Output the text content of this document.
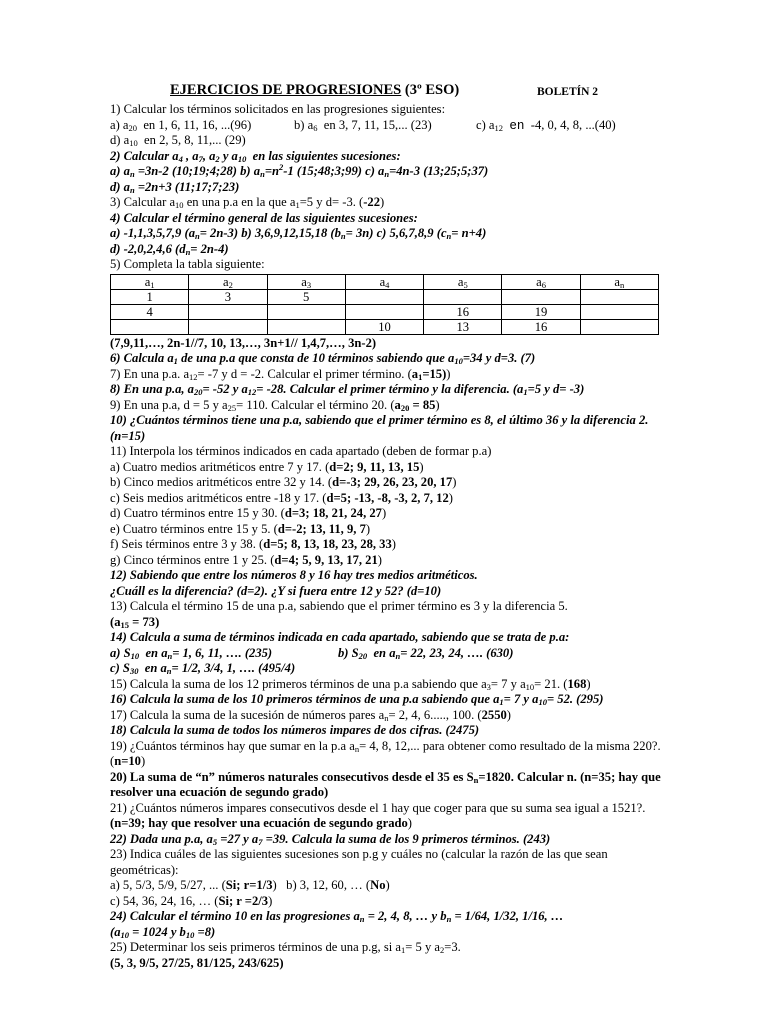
EJERCICIOS DE PROGRESIONES (3º ESO)	BOLETÍN 2
1) Calcular los términos solicitados en las progresiones siguientes:
a) $a_{20}$ en 1, 6, 11, 16, ...(96)	b) $a_6$ en 3, 7, 11, 15,... (23)	c) $a_{12}$ en -4, 0, 4, 8, ...(40)
d) $a_{10}$ en 2, 5, 8, 11,... (29)
2) Calcular $a_4$ , $a_7$, $a_2$ y $a_{10}$ en las siguientes sucesiones:
a) $a_n =3n-2$ (10;19;4;28) b) $a_n=n^2-1$ (15;48;3;99) c) $a_n=4n-3$ (13;25;5;37)
d) $a_n =2n+3$ (11;17;7;23)
3) Calcular $a_{10}$ en una p.a en la que $a_1=5$ y d= -3. (-22)
4) Calcular el término general de las siguientes sucesiones:
a) -1,1,3,5,7,9 $(a_n= 2n-3)$ b) 3,6,9,12,15,18 $(b_n= 3n)$ c) 5,6,7,8,9 $(c_n= n+4)$
d) -2,0,2,4,6 $(d_n= 2n-4)$
5) Completa la tabla siguiente:
$a_1$	$a_2$	$a_3$	$a_4$	$a_5$	$a_6$	$a_n$
1	3	5				
4				16	19	
			10	13	16	
(7,9,11,…, 2n-1//7, 10, 13,…, 3n+1// 1,4,7,…, 3n-2)
6) Calcula $a_1$ de una p.a que consta de 10 términos sabiendo que $a_{10}=34$ y d=3. (7)
7) En una p.a. $a_{12}= -7$ y d = -2. Calcular el primer término. $(a_1=15)$)
8) En una p.a, $a_{20}= -52$ y $a_{12}= -28$. Calcular el primer término y la diferencia. ($a_1=5$ y d= -3)
9) En una p.a, d = 5 y $a_{25}= 110$. Calcular el término 20. $(a_{20} = 85)$
10) ¿Cuántos términos tiene una p.a, sabiendo que el primer término es 8, el último 36 y la diferencia 2. (n=15)
11) Interpola los términos indicados en cada apartado (deben de formar p.a)
a) Cuatro medios aritméticos entre 7 y 17. (d=2; 9, 11, 13, 15)
b) Cinco medios aritméticos entre 32 y 14. (d=-3; 29, 26, 23, 20, 17)
c) Seis medios aritméticos entre -18 y 17. (d=5; -13, -8, -3, 2, 7, 12)
d) Cuatro términos entre 15 y 30. (d=3; 18, 21, 24, 27)
e) Cuatro términos entre 15 y 5. (d=-2; 13, 11, 9, 7)
f) Seis términos entre 3 y 38. (d=5; 8, 13, 18, 23, 28, 33)
g) Cinco términos entre 1 y 25. (d=4; 5, 9, 13, 17, 21)
12) Sabiendo que entre los números 8 y 16 hay tres medios aritméticos.
¿Cuáll es la diferencia? (d=2). ¿Y si fuera entre 12 y 52? (d=10)
13) Calcula el término 15 de una p.a, sabiendo que el primer término es 3 y la diferencia 5.
$(a_{15} = 73)$
14) Calcula a suma de términos indicada en cada apartado, sabiendo que se trata de p.a:
a) $S_{10}$ en $a_n= 1$, 6, 11, …. (235)	b) $S_{20}$ en $a_n= 22$, 23, 24, …. (630)
c) $S_{30}$ en $a_n= 1/2$, 3/4, 1, …. (495/4)
15) Calcula la suma de los 12 primeros términos de una p.a sabiendo que $a_3= 7$ y $a_{10}= 21$. (168)
16) Calcula la suma de los 10 primeros términos de una p.a sabiendo que $a_1= 7$ y $a_{10}= 52$. (295)
17) Calcula la suma de la sucesión de números pares $a_n= 2$, 4, 6....., 100. (2550)
18) Calcula la suma de todos los números impares de dos cifras. (2475)
19) ¿Cuántos términos hay que sumar en la p.a $a_n= 4$, 8, 12,... para obtener como resultado de la misma 220?. (n=10)
20) La suma de “n” números naturales consecutivos desde el 35 es $S_n=1820$. Calcular n. (n=35; hay que resolver una ecuación de segundo grado)
21) ¿Cuántos números impares consecutivos desde el 1 hay que coger para que su suma sea igual a 1521?. (n=39; hay que resolver una ecuación de segundo grado)
22) Dada una p.a, $a_5 =27$ y $a_7 =39$. Calcula la suma de los 9 primeros términos. (243)
23) Indica cuáles de las siguientes sucesiones son p.g y cuáles no (calcular la razón de las que sean geométricas):
a) 5, 5/3, 5/9, 5/27, ... (Si; r=1/3)   b) 3, 12, 60, … (No)
c) 54, 36, 24, 16, … (Si; r =2/3)
24) Calcular el término 10 en las progresiones $a_n = 2$, 4, 8, … y $b_n = 1/64$, 1/32, 1/16, …
($a_{10} = 1024$ y $b_{10} =8$)
25) Determinar los seis primeros términos de una p.g, si $a_1= 5$ y $a_2=3$.
(5, 3, 9/5, 27/25, 81/125, 243/625)
